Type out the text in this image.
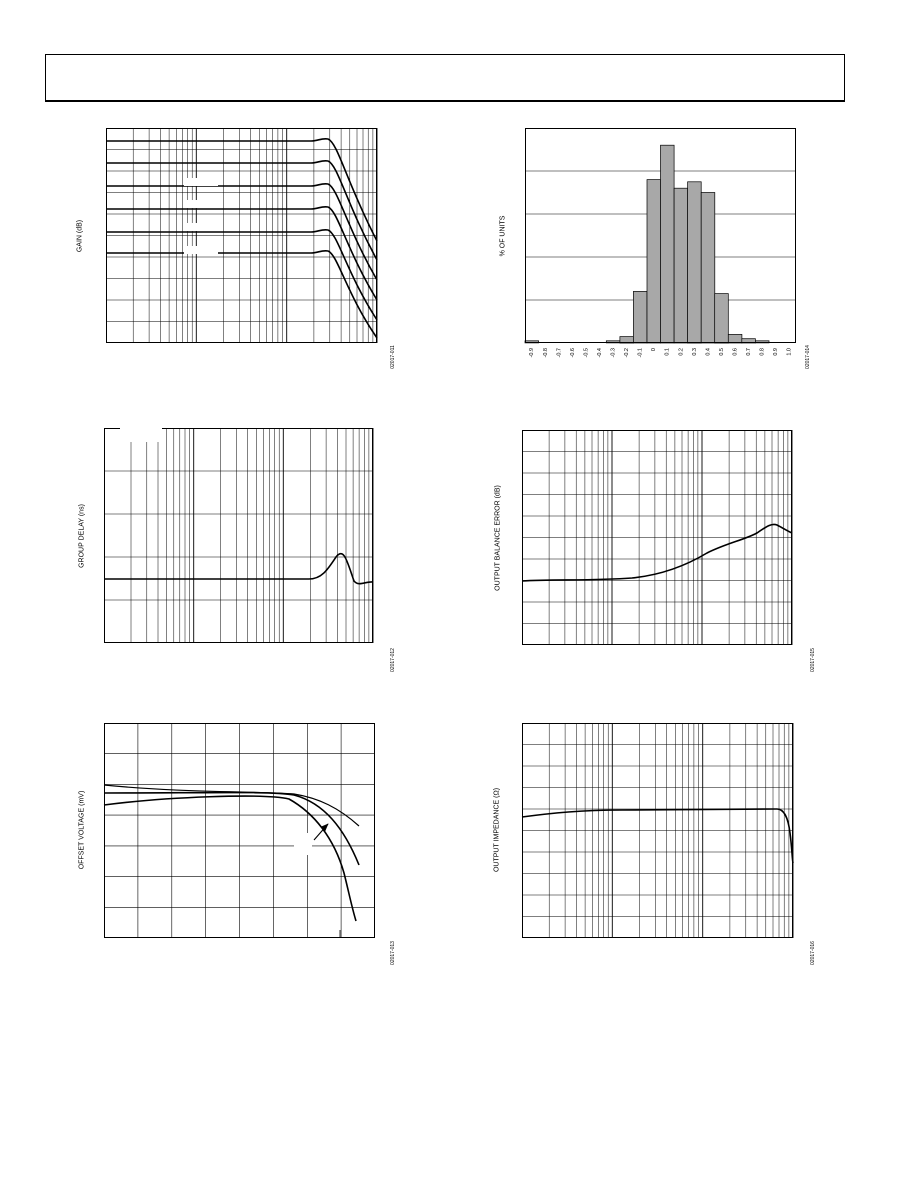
GAIN (dB)
02017-011	-0.9 -0.8 -0.7 -0.6 -0.5 -0.4 -0.3 -0.2 -0.1 0 0.1 0.2 0.3 0.4 0.5 0.6 0.7 0.8 0.9 1.0
% OF UNITS
02017-014
GROUP DELAY (ns)
02017-012
OUTPUT BALANCE ERROR (dB)
02017-015
OFFSET VOLTAGE (mV)
02017-013
OUTPUT IMPEDANCE (Ω)
02017-016
